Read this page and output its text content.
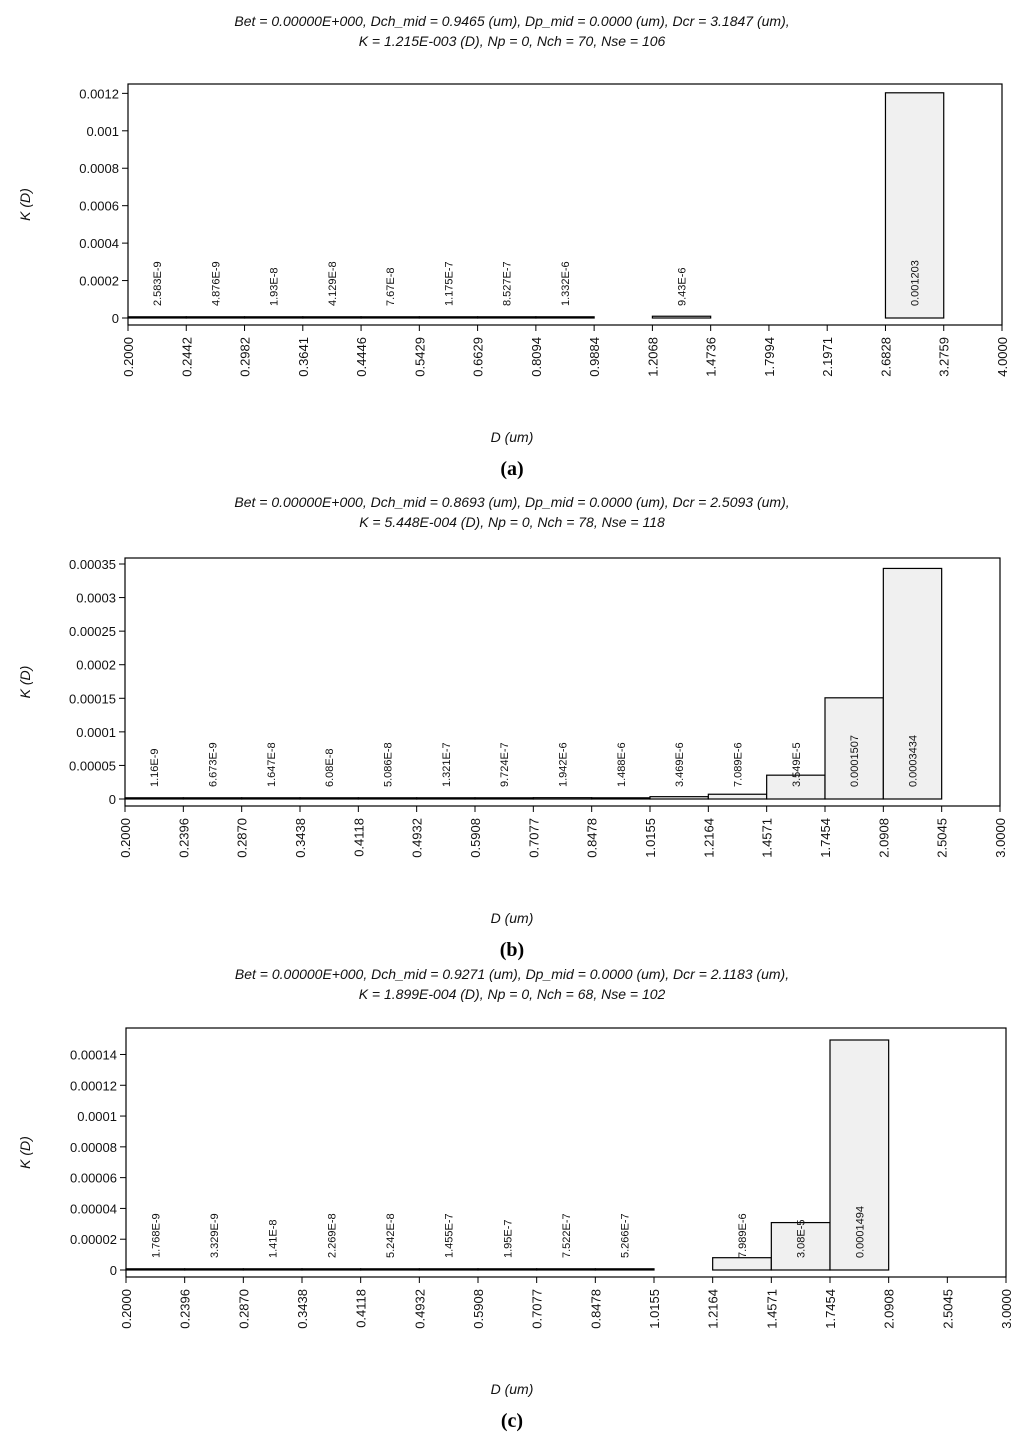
Bet = 0.00000E+000, Dch_mid = 0.9465 (um), Dp_mid = 0.0000 (um), Dcr = 3.1847 (um),
K = 1.215E-003 (D), Np = 0, Nch = 70, Nse = 106
0
0.0002
0.0004
0.0006
0.0008
0.001
0.0012
K (D)
0.2000	0.2442	0.2982	0.3641	0.4446	0.5429	0.6629	0.8094	0.9884	1.2068	1.4736	1.7994	2.1971	2.6828	3.2759	4.0000
D (um)
(a)
2.583E-9	4.876E-9	1.93E-8	4.129E-8	7.67E-8	1.175E-7	8.527E-7	1.332E-6	9.43E-6	0.001203
Bet = 0.00000E+000, Dch_mid = 0.8693 (um), Dp_mid = 0.0000 (um), Dcr = 2.5093 (um),
K = 5.448E-004 (D), Np = 0, Nch = 78, Nse = 118
0
0.00005
0.0001
0.00015
0.0002
0.00025
0.0003
0.00035
K (D)
0.2000	0.2396	0.2870	0.3438	0.4118	0.4932	0.5908	0.7077	0.8478	1.0155	1.2164	1.4571	1.7454	2.0908	2.5045	3.0000
D (um)
(b)
1.16E-9	6.673E-9	1.647E-8	6.08E-8	5.086E-8	1.321E-7	9.724E-7	1.942E-6	1.488E-6	3.469E-6	7.089E-6	3.549E-5	0.0001507	0.0003434
Bet = 0.00000E+000, Dch_mid = 0.9271 (um), Dp_mid = 0.0000 (um), Dcr = 2.1183 (um),
K = 1.899E-004 (D), Np = 0, Nch = 68, Nse = 102
0
0.00002
0.00004
0.00006
0.00008
0.0001
0.00012
0.00014
K (D)
0.2000	0.2396	0.2870	0.3438	0.4118	0.4932	0.5908	0.7077	0.8478	1.0155	1.2164	1.4571	1.7454	2.0908	2.5045	3.0000
D (um)
(c)
1.768E-9	3.329E-9	1.41E-8	2.269E-8	5.242E-8	1.455E-7	1.95E-7	7.522E-7	5.266E-7	7.989E-6	3.08E-5	0.0001494
